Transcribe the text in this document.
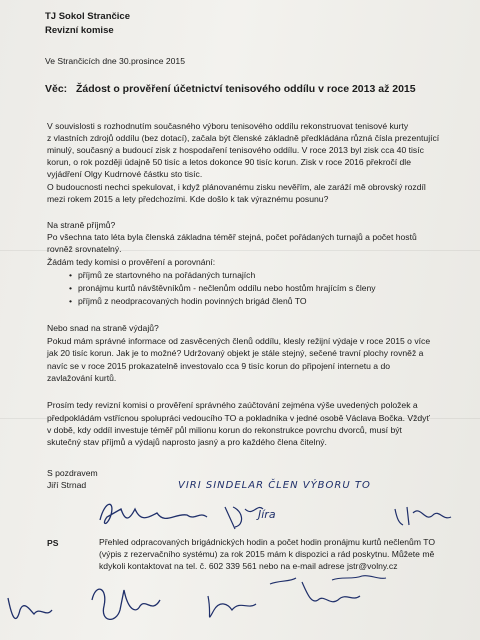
TJ Sokol Strančice
Revizní komise
Ve Strančicích dne 30.prosince 2015
Věc: Žádost o prověření účetnictví tenisového oddílu v roce 2013 až 2015
V souvislosti s rozhodnutím současného výboru tenisového oddílu rekonstruovat tenisové kurty
z vlastních zdrojů oddílu (bez dotací), začala být členské základně předkládána různá čísla prezentující
minulý, současný a budoucí zisk z hospodaření tenisového oddílu. V roce 2013 byl zisk cca 40 tisíc
korun, o rok později údajně 50 tisíc a letos dokonce 90 tisíc korun. Zisk v roce 2016 překročí dle
vyjádření Olgy Kudrnové částku sto tisíc.
O budoucnosti nechci spekulovat, i když plánovanému zisku nevěřím, ale zaráží mě obrovský rozdíl
mezi rokem 2015 a lety předchozími. Kde došlo k tak výraznému posunu?
Na straně příjmů?
Po všechna tato léta byla členská základna téměř stejná, počet pořádaných turnajů a počet hostů
rovněž srovnatelný.
Žádám tedy komisi o prověření a porovnání:
• příjmů ze startovného na pořádaných turnajích
• pronájmu kurtů návštěvníkům - nečlenům oddílu nebo hostům hrajícím s členy
• příjmů z neodpracovaných hodin povinných brigád členů TO
Nebo snad na straně výdajů?
Pokud mám správné informace od zasvěcených členů oddílu, klesly režijní výdaje v roce 2015 o více
jak 20 tisíc korun. Jak je to možné? Udržovaný objekt je stále stejný, sečené travní plochy rovněž a
navíc se v roce 2015 prokazatelně investovalo cca 9 tisíc korun do připojení internetu a do
zavlažování kurtů.
Prosím tedy revizní komisi o prověření správného zaúčtování zejména výše uvedených položek a
předpokládám vstřícnou spolupráci vedoucího TO a pokladníka v jedné osobě Václava Bočka. Vždyť
v době, kdy oddíl investuje téměř půl milionu korun do rekonstrukce povrchu dvorců, musí být
skutečný stav příjmů a výdajů naprosto jasný a pro každého člena čitelný.
S pozdravem
Jiří Strnad	VIRI SINDELAR ČLEN VÝBORU TO
Jíra
PS	Přehled odpracovaných brigádnických hodin a počet hodin pronájmu kurtů nečlenům TO
(výpis z rezervačního systému) za rok 2015 mám k dispozici a rád poskytnu. Můžete mě
kdykoli kontaktovat na tel. č. 602 339 561 nebo na e-mail adrese jstr@volny.cz
